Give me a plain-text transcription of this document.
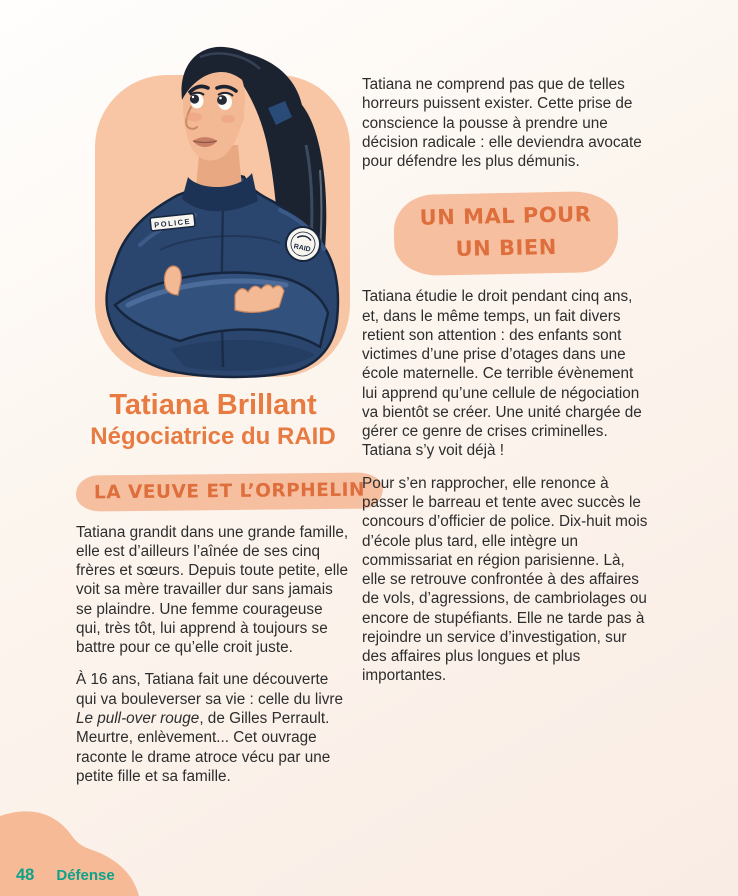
POLICE
RAID
Tatiana Brillant
Négociatrice du RAID
LA VEUVE ET L’ORPHELIN

Tatiana grandit dans une grande famille, elle est d’ailleurs l’aînée de ses cinq frères et sœurs. Depuis toute petite, elle voit sa mère travailler dur sans jamais se plaindre. Une femme courageuse qui, très tôt, lui apprend à toujours se battre pour ce qu’elle croit juste.

À 16 ans, Tatiana fait une découverte qui va bouleverser sa vie : celle du livre Le pull-over rouge, de Gilles Perrault. Meurtre, enlèvement... Cet ouvrage raconte le drame atroce vécu par une petite fille et sa famille.

Tatiana ne comprend pas que de telles horreurs puissent exister. Cette prise de conscience la pousse à prendre une décision radicale : elle deviendra avocate pour défendre les plus démunis.

UN MAL POUR
UN BIEN

Tatiana étudie le droit pendant cinq ans, et, dans le même temps, un fait divers retient son attention : des enfants sont victimes d’une prise d’otages dans une école maternelle. Ce terrible évènement lui apprend qu’une cellule de négociation va bientôt se créer. Une unité chargée de gérer ce genre de crises criminelles. Tatiana s’y voit déjà !

Pour s’en rapprocher, elle renonce à passer le barreau et tente avec succès le concours d’officier de police. Dix-huit mois d’école plus tard, elle intègre un commissariat en région parisienne. Là, elle se retrouve confrontée à des affaires de vols, d’agressions, de cambriolages ou encore de stupéfiants. Elle ne tarde pas à rejoindre un service d’investigation, sur des affaires plus longues et plus importantes.

48 Défense
